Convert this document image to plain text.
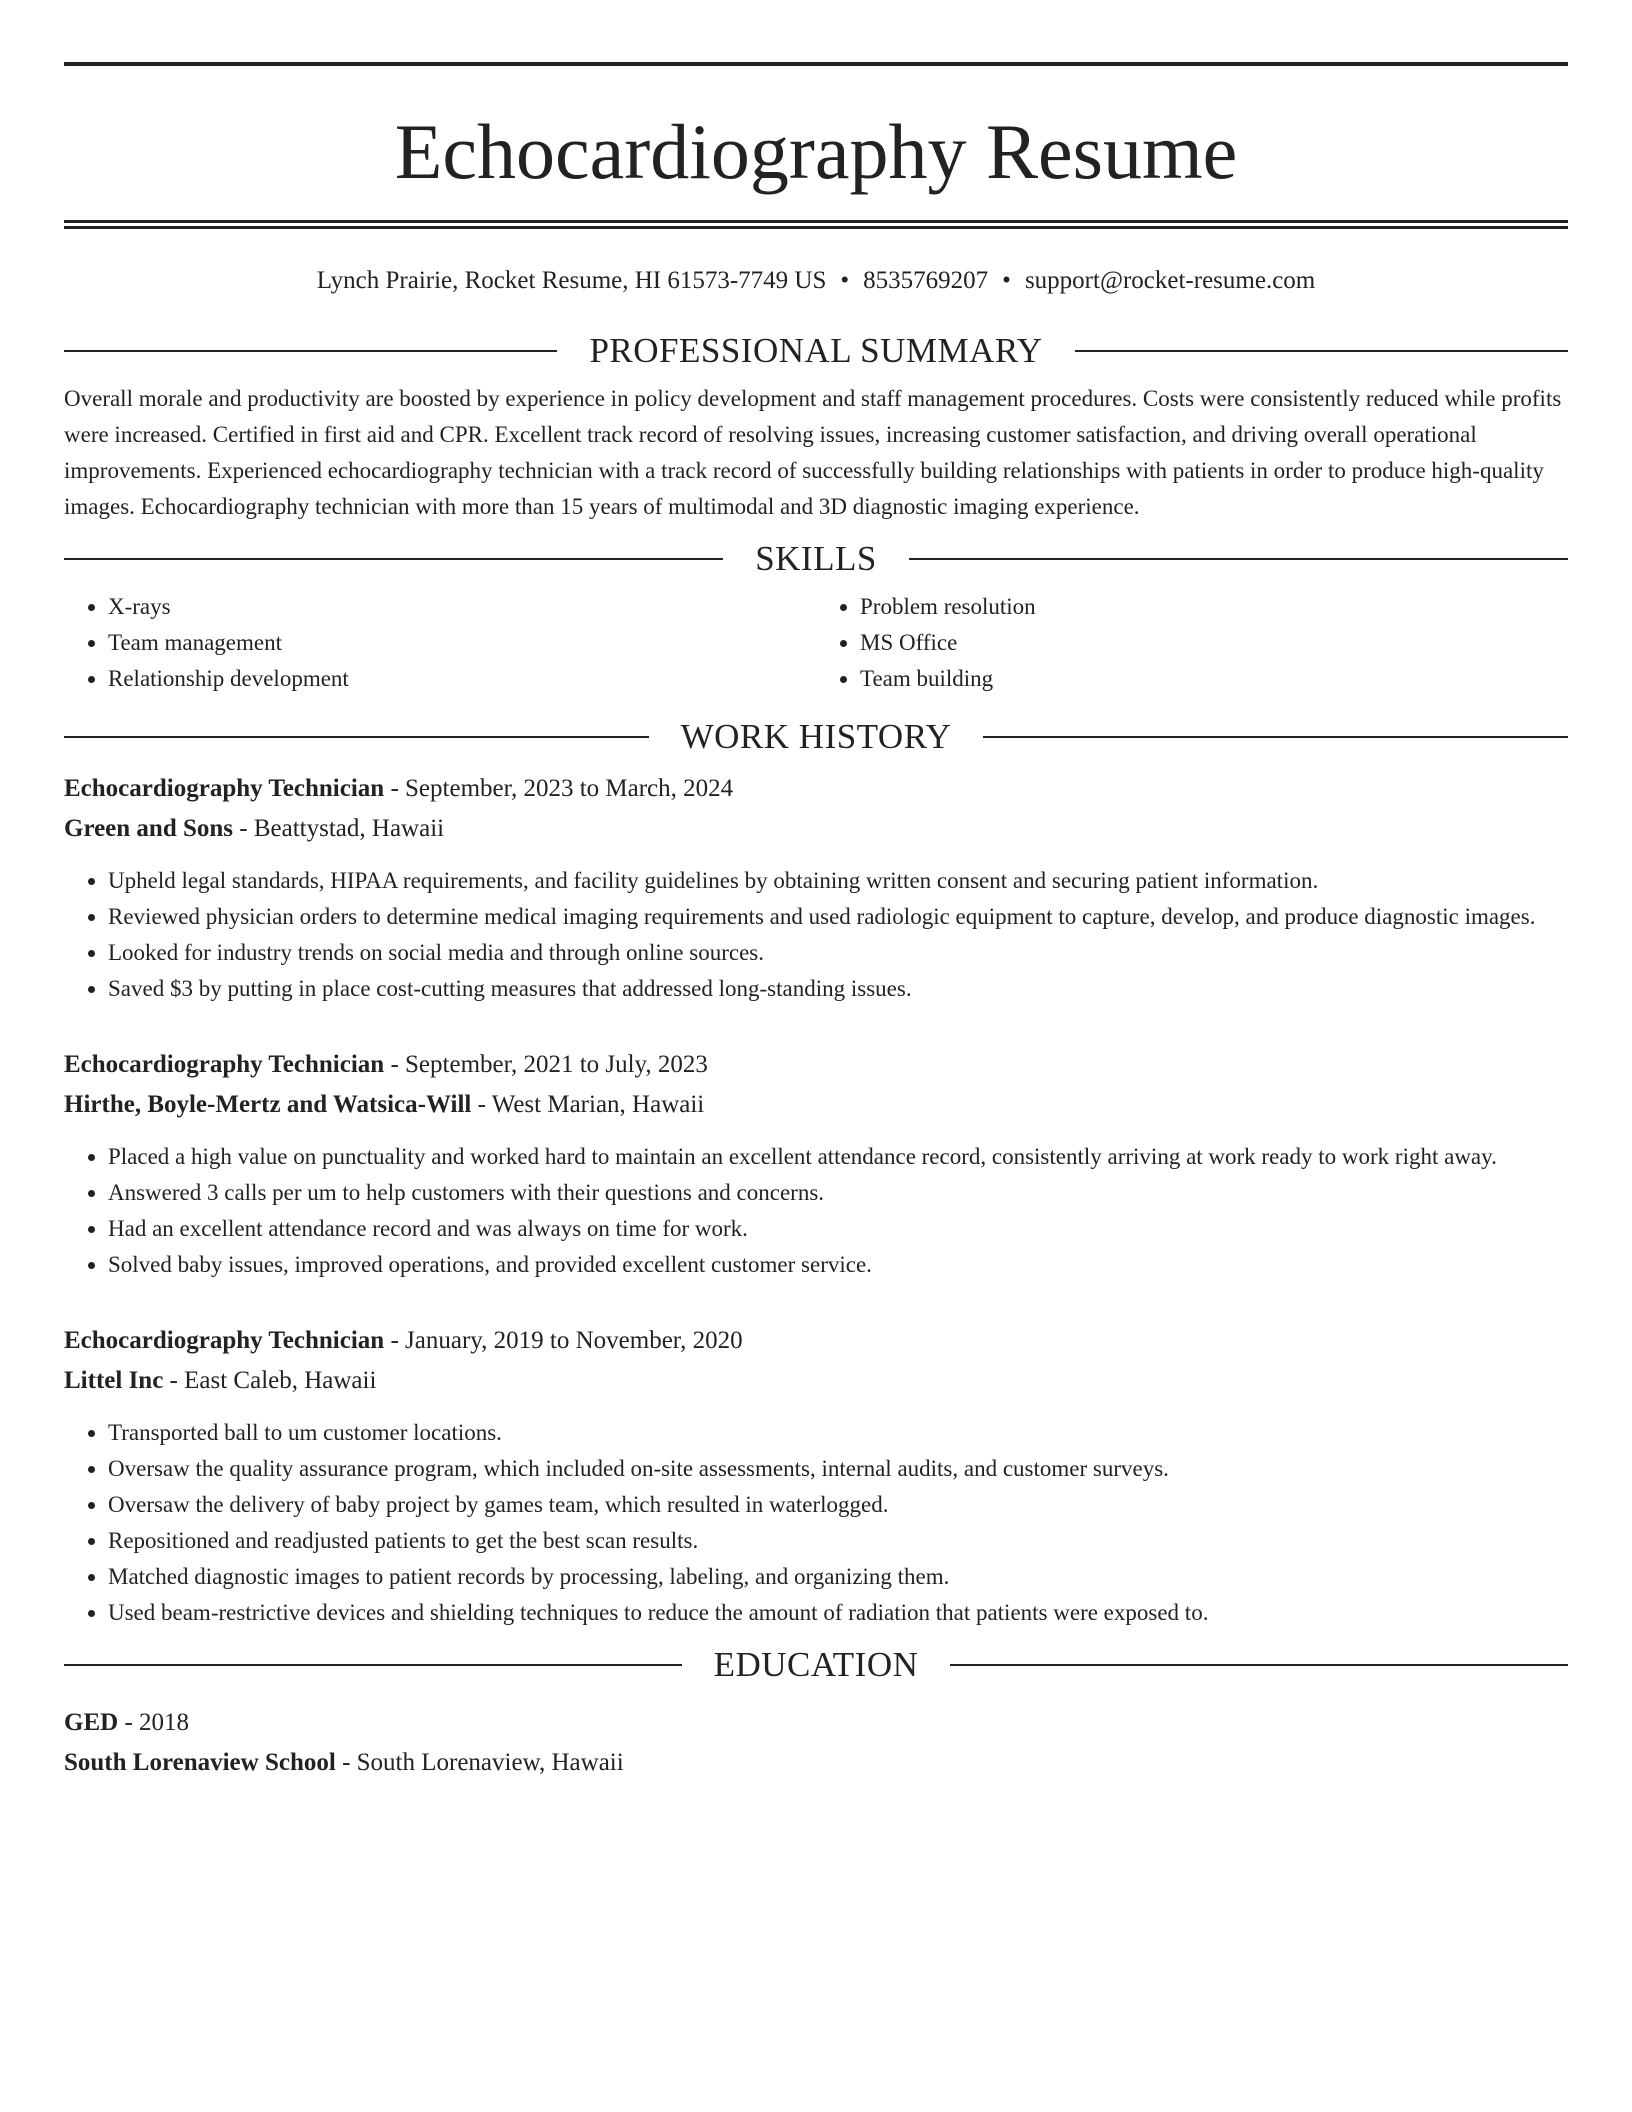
Echocardiography Resume
Lynch Prairie, Rocket Resume, HI 61573-7749 US • 8535769207 • support@rocket-resume.com
PROFESSIONAL SUMMARY

Overall morale and productivity are boosted by experience in policy development and staff management procedures. Costs were consistently reduced while profits were increased. Certified in first aid and CPR. Excellent track record of resolving issues, increasing customer satisfaction, and driving overall operational improvements. Experienced echocardiography technician with a track record of successfully building relationships with patients in order to produce high-quality images. Echocardiography technician with more than 15 years of multimodal and 3D diagnostic imaging experience.

SKILLS
• X-rays
• Team management
• Relationship development
• Problem resolution
• MS Office
• Team building
WORK HISTORY
Echocardiography Technician - September, 2023 to March, 2024
Green and Sons - Beattystad, Hawaii
• Upheld legal standards, HIPAA requirements, and facility guidelines by obtaining written consent and securing patient information.
• Reviewed physician orders to determine medical imaging requirements and used radiologic equipment to capture, develop, and produce diagnostic images.
• Looked for industry trends on social media and through online sources.
• Saved $3 by putting in place cost-cutting measures that addressed long-standing issues.
Echocardiography Technician - September, 2021 to July, 2023
Hirthe, Boyle-Mertz and Watsica-Will - West Marian, Hawaii
• Placed a high value on punctuality and worked hard to maintain an excellent attendance record, consistently arriving at work ready to work right away.
• Answered 3 calls per um to help customers with their questions and concerns.
• Had an excellent attendance record and was always on time for work.
• Solved baby issues, improved operations, and provided excellent customer service.
Echocardiography Technician - January, 2019 to November, 2020
Littel Inc - East Caleb, Hawaii
• Transported ball to um customer locations.
• Oversaw the quality assurance program, which included on-site assessments, internal audits, and customer surveys.
• Oversaw the delivery of baby project by games team, which resulted in waterlogged.
• Repositioned and readjusted patients to get the best scan results.
• Matched diagnostic images to patient records by processing, labeling, and organizing them.
• Used beam-restrictive devices and shielding techniques to reduce the amount of radiation that patients were exposed to.
EDUCATION
GED - 2018
South Lorenaview School - South Lorenaview, Hawaii
